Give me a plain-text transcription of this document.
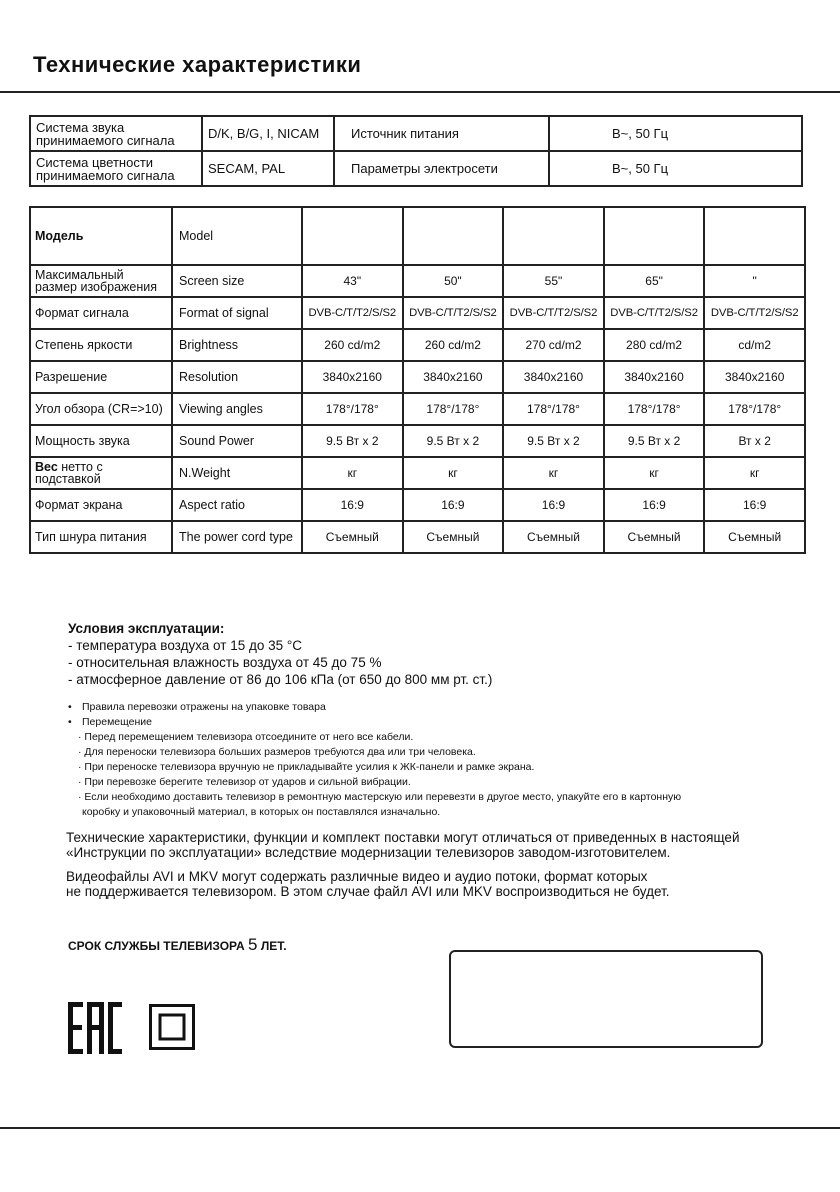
Технические характеристики
Система звука принимаемого сигнала	D/K, B/G, I, NICAM	Источник питания	В~, 50 Гц
Система цветности принимаемого сигнала	SECAM, PAL	Параметры электросети	В~, 50 Гц
Модель	Model					
Максимальный размер изображения	Screen size	43"	50"	55"	65"	"
Формат сигнала	Format of signal	DVB-C/T/T2/S/S2	DVB-C/T/T2/S/S2	DVB-C/T/T2/S/S2	DVB-C/T/T2/S/S2	DVB-C/T/T2/S/S2
Степень яркости	Brightness	260 cd/m2	260 cd/m2	270 cd/m2	280 cd/m2	cd/m2
Разрешение	Resolution	3840x2160	3840x2160	3840x2160	3840x2160	3840x2160
Угол обзора (CR=>10)	Viewing angles	178°/178°	178°/178°	178°/178°	178°/178°	178°/178°
Мощность звука	Sound Power	9.5 Вт x 2	9.5 Вт x 2	9.5 Вт x 2	9.5 Вт x 2	Вт x 2
Вес нетто с подставкой	N.Weight	кг	кг	кг	кг	кг
Формат экрана	Aspect ratio	16:9	16:9	16:9	16:9	16:9
Тип шнура питания	The power cord type	Съемный	Съемный	Съемный	Съемный	Съемный
Условия эксплуатации:
- температура воздуха от 15 до 35 °С
- относительная влажность воздуха от 45 до 75 %
- атмосферное давление от 86 до 106 кПа (от 650 до 800 мм рт. ст.)
• Правила перевозки отражены на упаковке товара
• Перемещение
· Перед перемещением телевизора отсоедините от него все кабели.
· Для переноски телевизора больших размеров требуются два или три человека.
· При переноске телевизора вручную не прикладывайте усилия к ЖК-панели и рамке экрана.
· При перевозке берегите телевизор от ударов и сильной вибрации.
· Если необходимо доставить телевизор в ремонтную мастерскую или перевезти в другое место, упакуйте его в картонную
коробку и упаковочный материал, в которых он поставлялся изначально.
Технические характеристики, функции и комплект поставки могут отличаться от приведенных в настоящей
«Инструкции по эксплуатации» вследствие модернизации телевизоров заводом-изготовителем.
Видеофайлы AVI и MKV могут содержать различные видео и аудио потоки, формат которых
не поддерживается телевизором. В этом случае файл AVI или MKV воспроизводиться не будет.
СРОК СЛУЖБЫ ТЕЛЕВИЗОРА 5 ЛЕТ.
